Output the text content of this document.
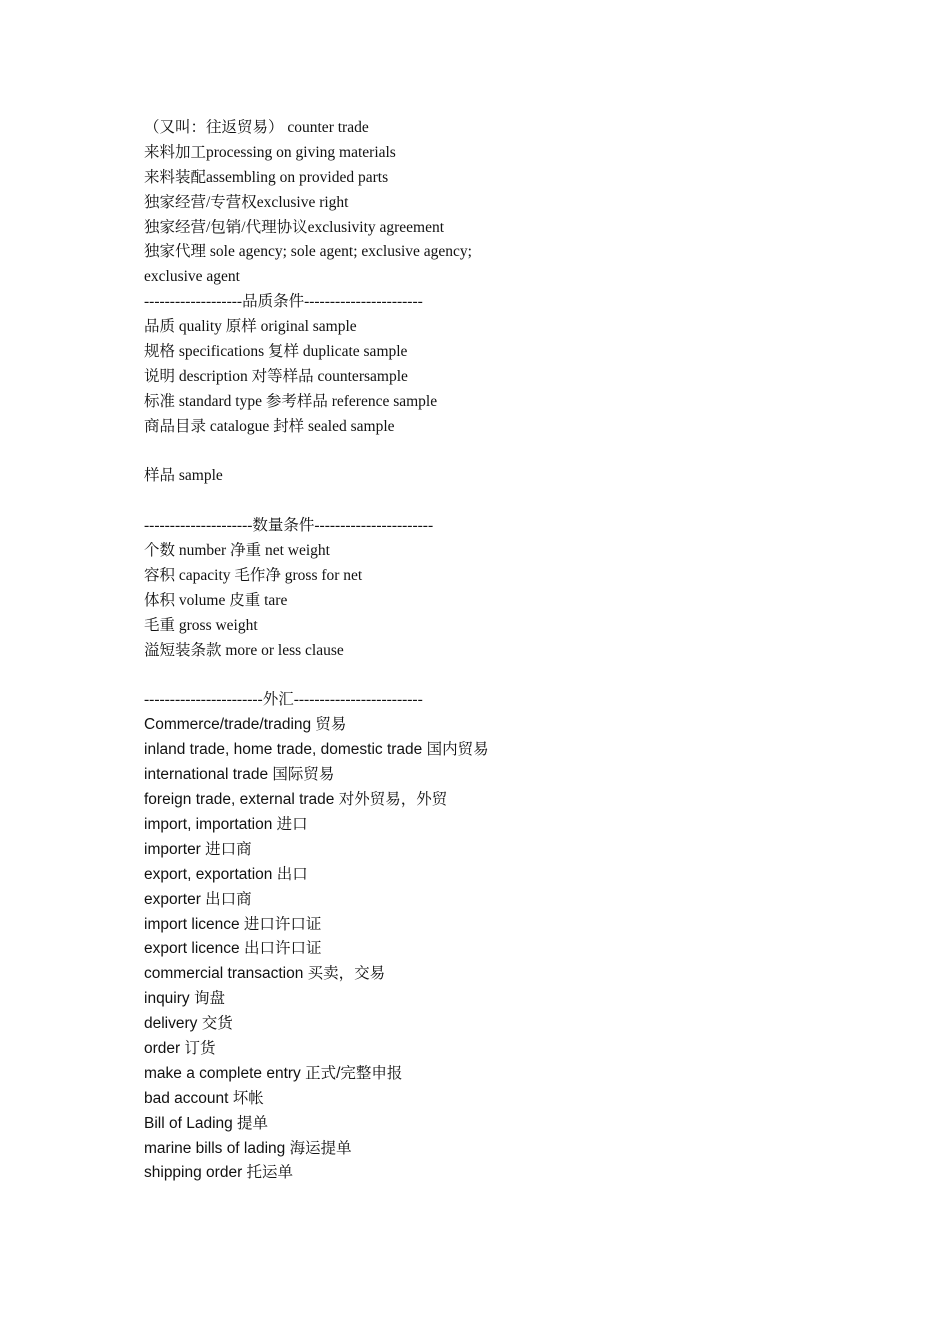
（又叫：往返贸易） counter trade
来料加工processing on giving materials
来料装配assembling on provided parts
独家经营/专营权exclusive right
独家经营/包销/代理协议exclusivity agreement
独家代理 sole agency; sole agent; exclusive agency;
exclusive agent
-------------------品质条件-----------------------
品质 quality 原样 original sample
规格 specifications 复样 duplicate sample
说明 description 对等样品 countersample
标准 standard type 参考样品 reference sample
商品目录 catalogue 封样 sealed sample
样品 sample
---------------------数量条件-----------------------
个数 number 净重 net weight
容积 capacity 毛作净 gross for net
体积 volume 皮重 tare
毛重 gross weight
溢短装条款 more or less clause
-----------------------外汇-------------------------
Commerce/trade/trading 贸易
inland trade, home trade, domestic trade 国内贸易
international trade 国际贸易
foreign trade, external trade 对外贸易，外贸
import, importation 进口
importer 进口商
export, exportation 出口
exporter 出口商
import licence 进口许口证
export licence 出口许口证
commercial transaction 买卖，交易
inquiry 询盘
delivery 交货
order 订货
make a complete entry 正式/完整申报
bad account 坏帐
Bill of Lading 提单
marine bills of lading 海运提单
shipping order 托运单
